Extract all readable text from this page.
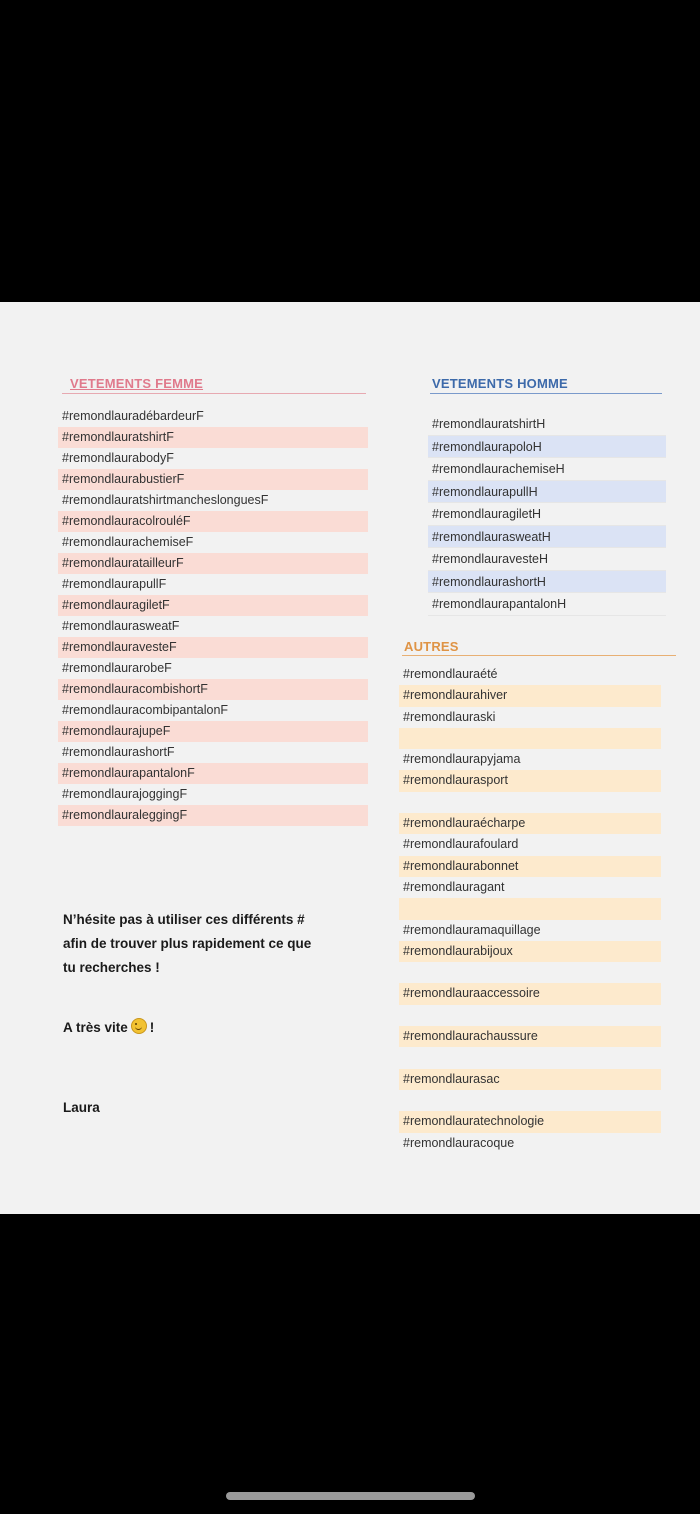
VETEMENTS FEMME
#remondlauradébardeurF
#remondlauratshirtF
#remondlaurabodyF
#remondlaurabustierF
#remondlauratshirtmancheslonguesF
#remondlauracolrouléF
#remondlaurachemiseF
#remondlauratailleurF
#remondlaurapullF
#remondlauragiletF
#remondlaurasweatF
#remondlauravesteF
#remondlaurarobeF
#remondlauracombishortF
#remondlauracombipantalonF
#remondlaurajupeF
#remondlaurashortF
#remondlaurapantalonF
#remondlaurajoggingF
#remondlauraleggingF
VETEMENTS HOMME
#remondlauratshirtH
#remondlaurapoloH
#remondlaurachemiseH
#remondlaurapullH
#remondlauragiletH
#remondlaurasweatH
#remondlauravesteH
#remondlaurashortH
#remondlaurapantalonH
AUTRES
#remondlauraété
#remondlaurahiver
#remondlauraski
#remondlaurapyjama
#remondlaurasport
#remondlauraécharpe
#remondlaurafoulard
#remondlaurabonnet
#remondlauragant
#remondlauramaquillage
#remondlaurabijoux
#remondlauraaccessoire
#remondlaurachaussure
#remondlaurasac
#remondlauratechnologie
#remondlauracoque
N’hésite pas à utiliser ces différents #
afin de trouver plus rapidement ce que
tu recherches !
A très vite !
Laura
